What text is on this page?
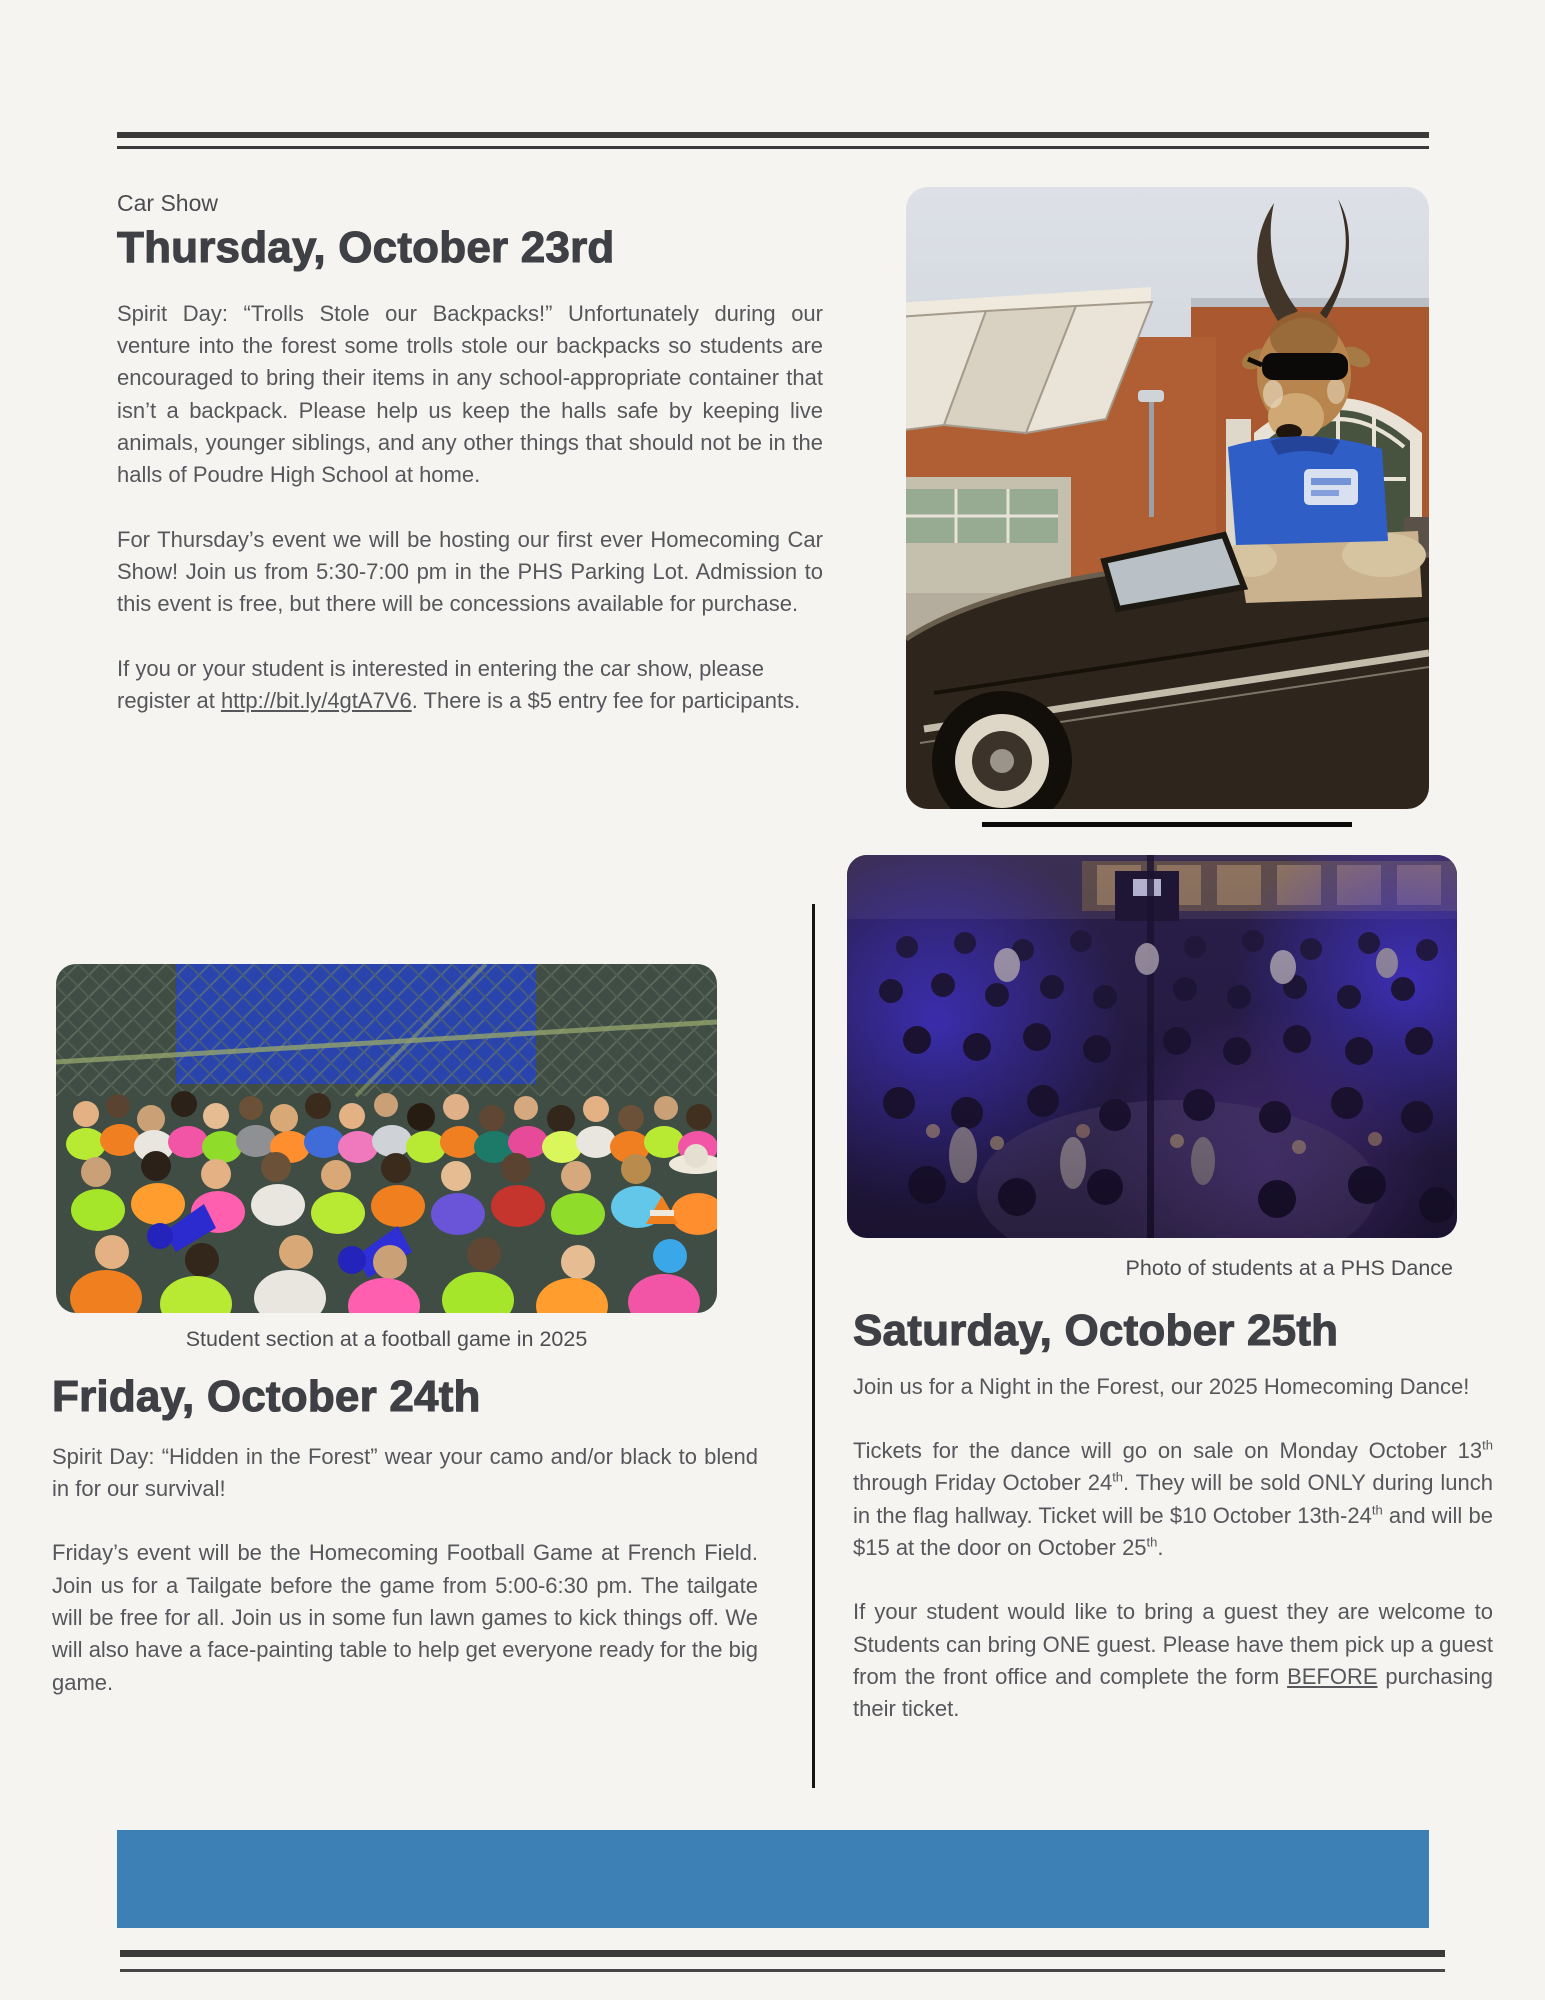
Car Show
Thursday, October 23rd

Spirit Day: “Trolls Stole our Backpacks!” Unfortunately during our venture into the forest some trolls stole our backpacks so students are encouraged to bring their items in any school-appropriate container that isn’t a backpack. Please help us keep the halls safe by keeping live animals, younger siblings, and any other things that should not be in the halls of Poudre High School at home.

For Thursday’s event we will be hosting our first ever Homecoming Car Show! Join us from 5:30-7:00 pm in the PHS Parking Lot. Admission to this event is free, but there will be concessions available for purchase.

If you or your student is interested in entering the car show, please register at http://bit.ly/4gtA7V6. There is a $5 entry fee for participants.

Photo of students at a PHS Dance
Saturday, October 25th

Join us for a Night in the Forest, our 2025 Homecoming Dance!

Tickets for the dance will go on sale on Monday October 13th through Friday October 24th. They will be sold ONLY during lunch in the flag hallway. Ticket will be $10 October 13th-24th and will be $15 at the door on October 25th.

If your student would like to bring a guest they are welcome to Students can bring ONE guest. Please have them pick up a guest from the front office and complete the form BEFORE purchasing their ticket.

Student section at a football game in 2025
Friday, October 24th

Spirit Day: “Hidden in the Forest” wear your camo and/or black to blend in for our survival!

Friday’s event will be the Homecoming Football Game at French Field. Join us for a Tailgate before the game from 5:00-6:30 pm. The tailgate will be free for all. Join us in some fun lawn games to kick things off. We will also have a face-painting table to help get everyone ready for the big game.
